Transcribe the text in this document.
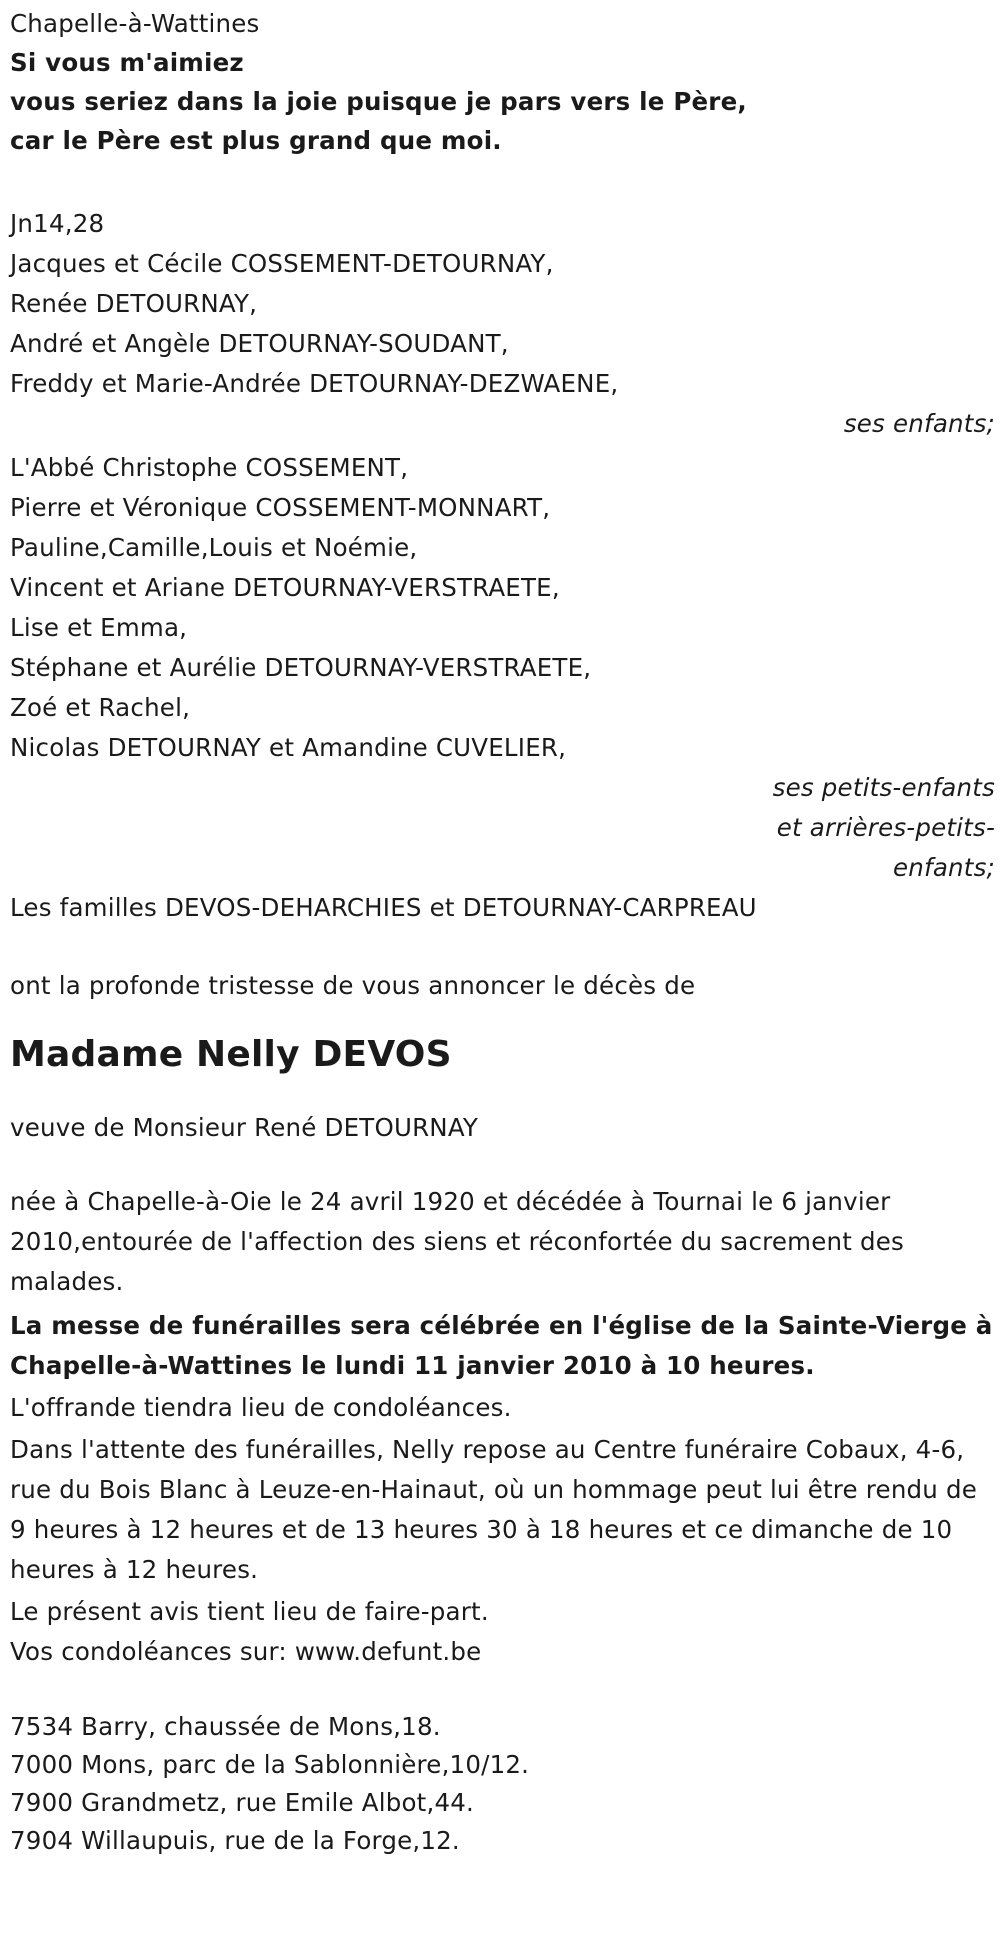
Chapelle-à-Wattines
Si vous m'aimiez
vous seriez dans la joie puisque je pars vers le Père,
car le Père est plus grand que moi.
Jn14,28
Jacques et Cécile COSSEMENT-DETOURNAY,
Renée DETOURNAY,
André et Angèle DETOURNAY-SOUDANT,
Freddy et Marie-Andrée DETOURNAY-DEZWAENE,
ses enfants;
L'Abbé Christophe COSSEMENT,
Pierre et Véronique COSSEMENT-MONNART,
Pauline,Camille,Louis et Noémie,
Vincent et Ariane DETOURNAY-VERSTRAETE,
Lise et Emma,
Stéphane et Aurélie DETOURNAY-VERSTRAETE,
Zoé et Rachel,
Nicolas DETOURNAY et Amandine CUVELIER,
ses petits-enfants
et arrières-petits-
enfants;
Les familles DEVOS-DEHARCHIES et DETOURNAY-CARPREAU
ont la profonde tristesse de vous annoncer le décès de
Madame Nelly DEVOS
veuve de Monsieur René DETOURNAY
née à Chapelle-à-Oie le 24 avril 1920 et décédée à Tournai le 6 janvier 2010,entourée de l'affection des siens et réconfortée du sacrement des malades.
La messe de funérailles sera célébrée en l'église de la Sainte-Vierge à Chapelle-à-Wattines le lundi 11 janvier 2010 à 10 heures.
L'offrande tiendra lieu de condoléances.
Dans l'attente des funérailles, Nelly repose au Centre funéraire Cobaux, 4-6, rue du Bois Blanc à Leuze-en-Hainaut, où un hommage peut lui être rendu de 9 heures à 12 heures et de 13 heures 30 à 18 heures et ce dimanche de 10 heures à 12 heures.
Le présent avis tient lieu de faire-part.
Vos condoléances sur: www.defunt.be
7534 Barry, chaussée de Mons,18.
7000 Mons, parc de la Sablonnière,10/12.
7900 Grandmetz, rue Emile Albot,44.
7904 Willaupuis, rue de la Forge,12.
